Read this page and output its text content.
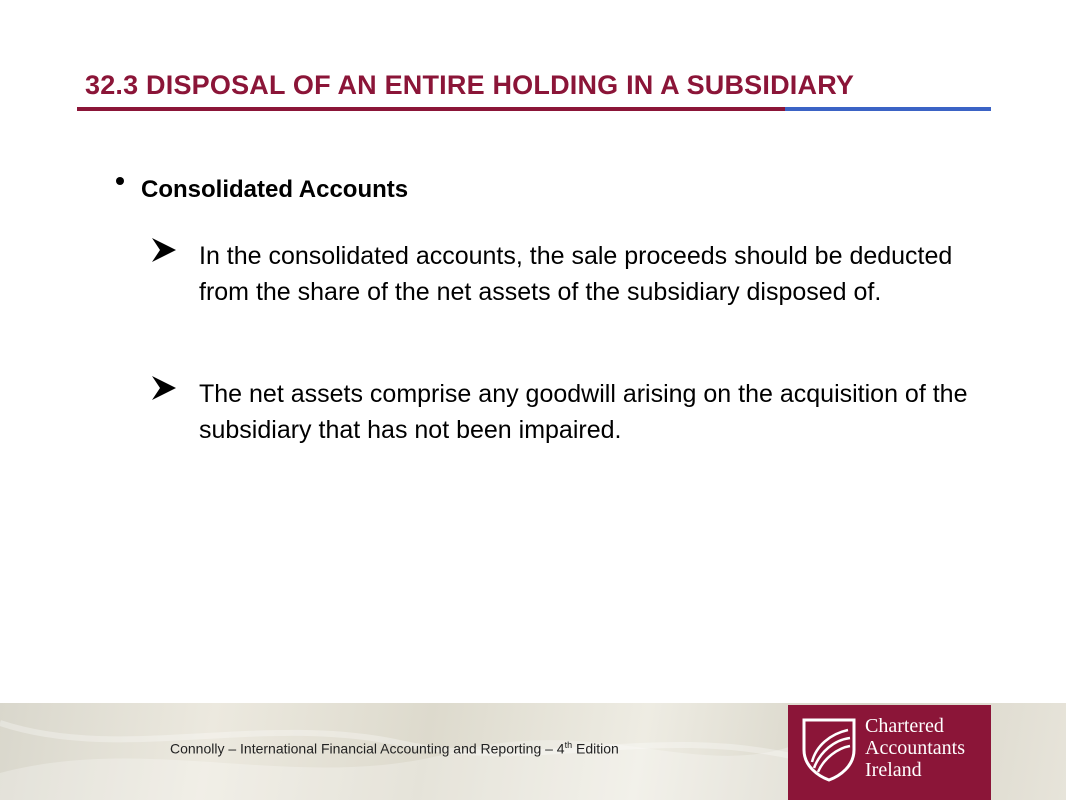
32.3 DISPOSAL OF AN ENTIRE HOLDING IN A SUBSIDIARY
Consolidated Accounts
In the consolidated accounts, the sale proceeds should be deducted from the share of the net assets of the subsidiary disposed of.
The net assets comprise any goodwill arising on the acquisition of the subsidiary that has not been impaired.
Connolly – International Financial Accounting and Reporting – 4th Edition
Chartered
Accountants
Ireland
